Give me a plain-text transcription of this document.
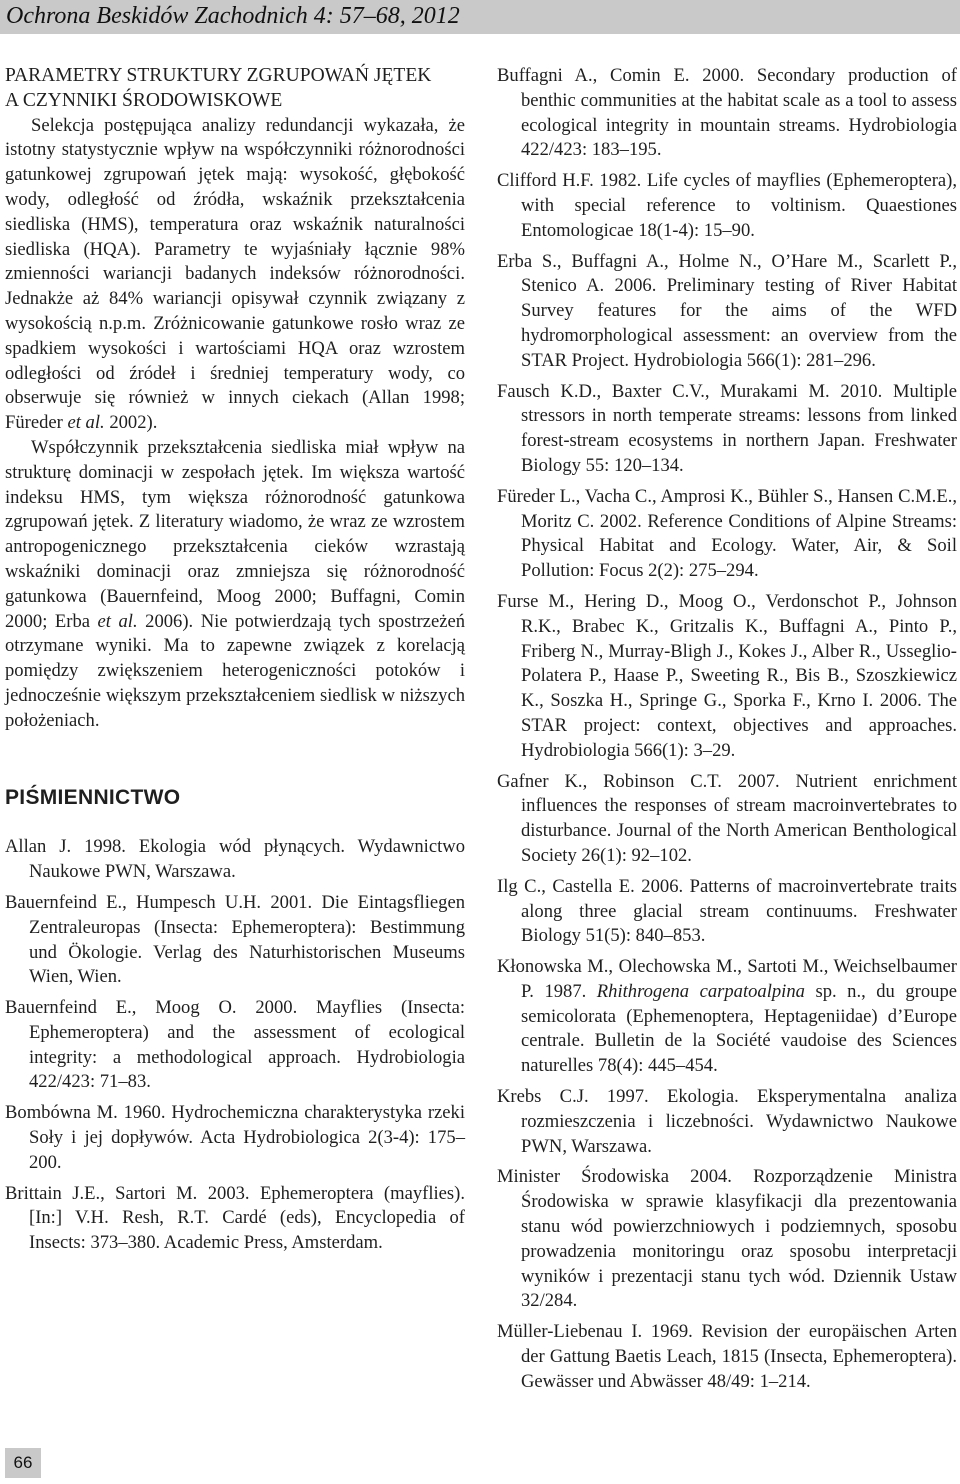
Ochrona Beskidów Zachodnich 4: 57–68, 2012
PARAMETRY STRUKTURY ZGRUPOWAŃ JĘTEK
A CZYNNIKI ŚRODOWISKOWE

Selekcja postępująca analizy redundancji wykazała, że istotny statystycznie wpływ na współczynniki różnorodności gatunkowej zgrupowań jętek mają: wysokość, głębokość wody, odległość od źródła, wskaźnik przekształcenia siedliska (HMS), temperatura oraz wskaźnik naturalności siedliska (HQA). Parametry te wyjaśniały łącznie 98% zmienności wariancji badanych indeksów różnorodności. Jednakże aż 84% wariancji opisywał czynnik związany z wysokością n.p.m. Zróżnicowanie gatunkowe rosło wraz ze spadkiem wysokości i wartościami HQA oraz wzrostem odległości od źródeł i średniej temperatury wody, co obserwuje się również w innych ciekach (Allan 1998; Füreder et al. 2002).

Współczynnik przekształcenia siedliska miał wpływ na strukturę dominacji w zespołach jętek. Im większa wartość indeksu HMS, tym większa różnorodność gatunkowa zgrupowań jętek. Z literatury wiadomo, że wraz ze wzrostem antropogenicznego przekształcenia cieków wzrastają wskaźniki dominacji oraz zmniejsza się różnorodność gatunkowa (Bauernfeind, Moog 2000; Buffagni, Comin 2000; Erba et al. 2006). Nie potwierdzają tych spostrzeżeń otrzymane wyniki. Ma to zapewne związek z korelacją pomiędzy zwiększeniem heterogeniczności potoków i jednocześnie większym przekształceniem siedlisk w niższych położeniach.

PIŚMIENNICTWO

Allan J. 1998. Ekologia wód płynących. Wydawnictwo Naukowe PWN, Warszawa.

Bauernfeind E., Humpesch U.H. 2001. Die Eintagsfliegen Zentraleuropas (Insecta: Ephemeroptera): Bestimmung und Ökologie. Verlag des Naturhistorischen Museums Wien, Wien.

Bauernfeind E., Moog O. 2000. Mayflies (Insecta: Ephemeroptera) and the assessment of ecological integrity: a methodological approach. Hydrobiologia 422/423: 71–83.

Bombówna M. 1960. Hydrochemiczna charakterystyka rzeki Soły i jej dopływów. Acta Hydrobiologica 2(3-4): 175–200.

Brittain J.E., Sartori M. 2003. Ephemeroptera (mayflies). [In:] V.H. Resh, R.T. Cardé (eds), Encyclopedia of Insects: 373–380. Academic Press, Amsterdam.

Buffagni A., Comin E. 2000. Secondary production of benthic communities at the habitat scale as a tool to assess ecological integrity in mountain streams. Hydrobiologia 422/423: 183–195.

Clifford H.F. 1982. Life cycles of mayflies (Ephemeroptera), with special reference to voltinism. Quaestiones Entomologicae 18(1-4): 15–90.

Erba S., Buffagni A., Holme N., O’Hare M., Scarlett P., Stenico A. 2006. Preliminary testing of River Habitat Survey features for the aims of the WFD hydromorphological assessment: an overview from the STAR Project. Hydrobiologia 566(1): 281–296.

Fausch K.D., Baxter C.V., Murakami M. 2010. Multiple stressors in north temperate streams: lessons from linked forest-stream ecosystems in northern Japan. Freshwater Biology 55: 120–134.

Füreder L., Vacha C., Amprosi K., Bühler S., Hansen C.M.E., Moritz C. 2002. Reference Conditions of Alpine Streams: Physical Habitat and Ecology. Water, Air, & Soil Pollution: Focus 2(2): 275–294.

Furse M., Hering D., Moog O., Verdonschot P., Johnson R.K., Brabec K., Gritzalis K., Buffagni A., Pinto P., Friberg N., Murray-Bligh J., Kokes J., Alber R., Usseglio-Polatera P., Haase P., Sweeting R., Bis B., Szoszkiewicz K., Soszka H., Springe G., Sporka F., Krno I. 2006. The STAR project: context, objectives and approaches. Hydrobiologia 566(1): 3–29.

Gafner K., Robinson C.T. 2007. Nutrient enrichment influences the responses of stream macroinvertebrates to disturbance. Journal of the North American Benthological Society 26(1): 92–102.

Ilg C., Castella E. 2006. Patterns of macroinvertebrate traits along three glacial stream continuums. Freshwater Biology 51(5): 840–853.

Kłonowska M., Olechowska M., Sartoti M., Weichselbaumer P. 1987. Rhithrogena carpatoalpina sp. n., du groupe semicolorata (Ephemenoptera, Heptageniidae) d’Europe centrale. Bulletin de la Société vaudoise des Sciences naturelles 78(4): 445–454.

Krebs C.J. 1997. Ekologia. Eksperymentalna analiza rozmieszczenia i liczebności. Wydawnictwo Naukowe PWN, Warszawa.

Minister Środowiska 2004. Rozporządzenie Ministra Środowiska w sprawie klasyfikacji dla prezentowania stanu wód powierzchniowych i podziemnych, sposobu prowadzenia monitoringu oraz sposobu interpretacji wyników i prezentacji stanu tych wód. Dziennik Ustaw 32/284.

Müller-Liebenau I. 1969. Revision der europäischen Arten der Gattung Baetis Leach, 1815 (Insecta, Ephemeroptera). Gewässer und Abwässer 48/49: 1–214.

66
